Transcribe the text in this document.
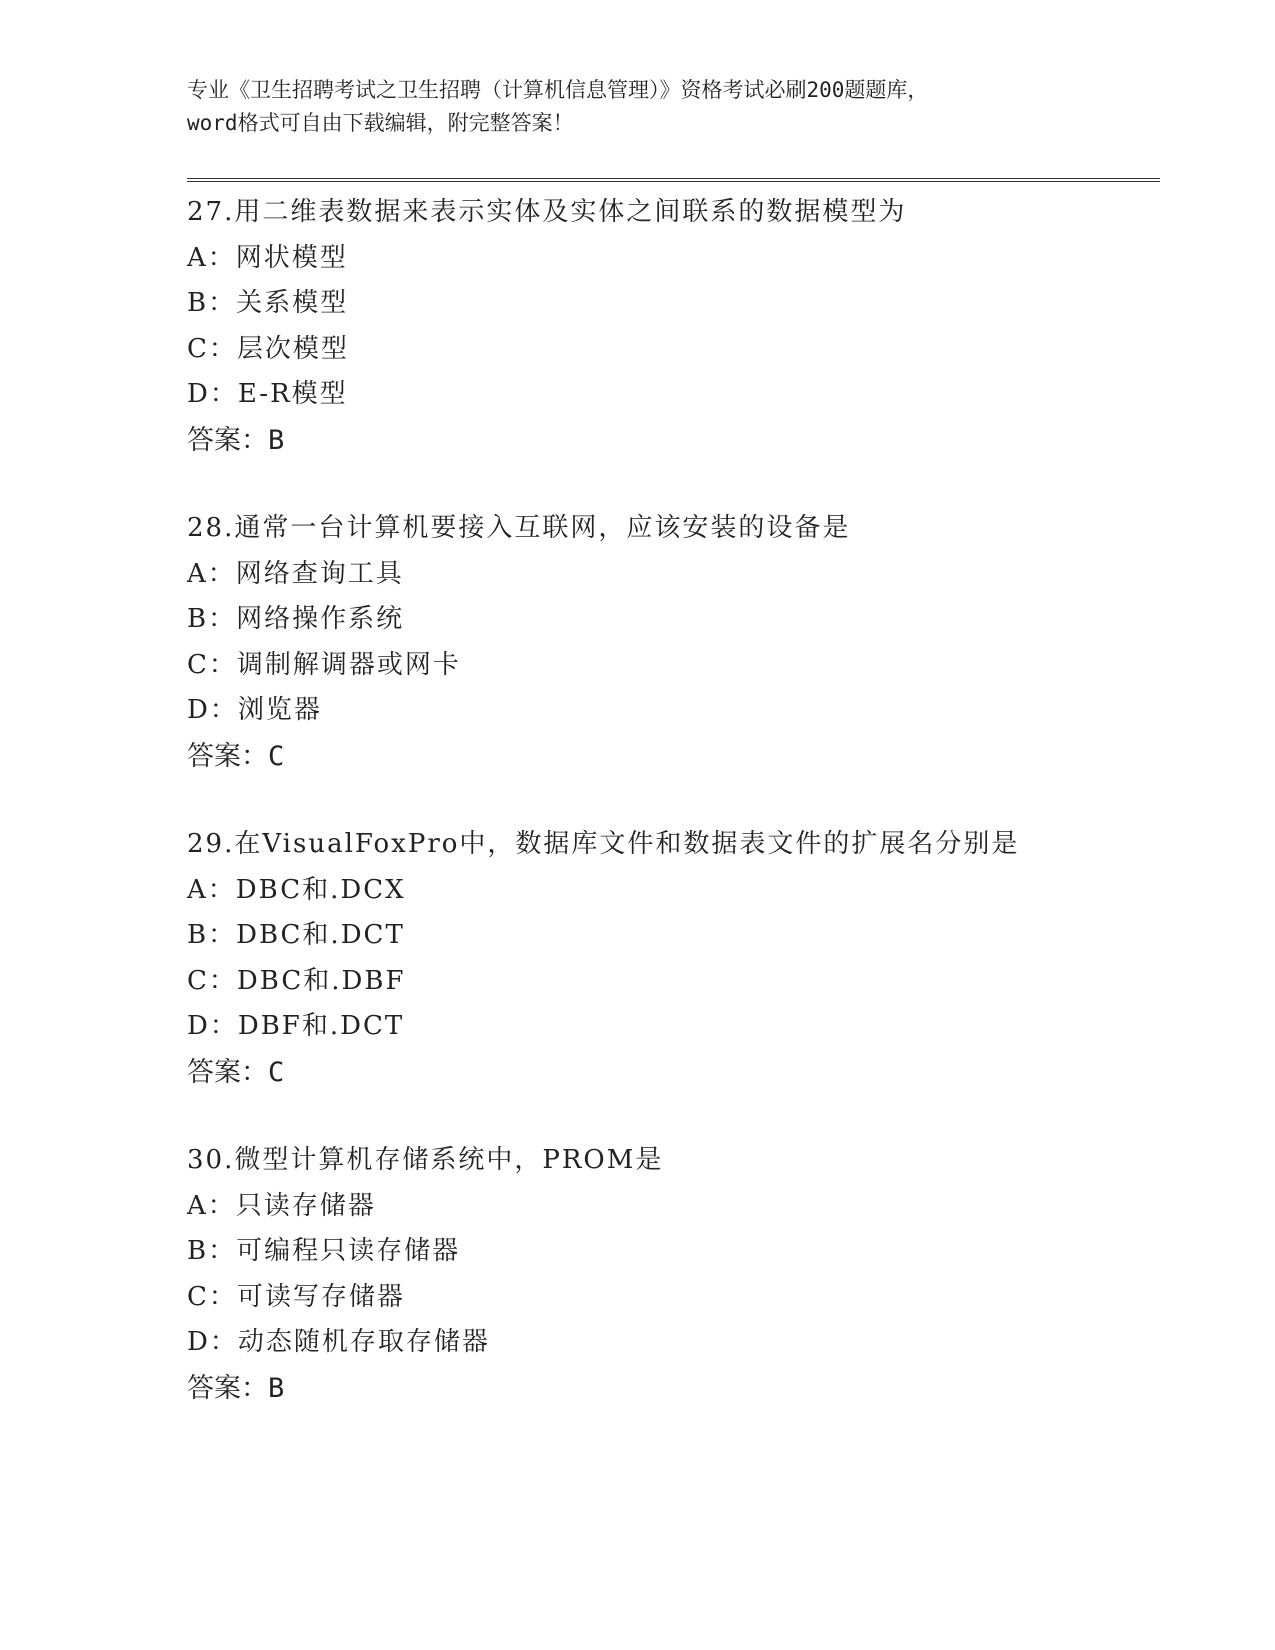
专业《卫生招聘考试之卫生招聘（计算机信息管理）》资格考试必刷200题题库，
word格式可自由下载编辑，附完整答案！
27.用二维表数据来表示实体及实体之间联系的数据模型为
A：网状模型
B：关系模型
C：层次模型
D：E-R模型
答案：B
28.通常一台计算机要接入互联网，应该安装的设备是
A：网络查询工具
B：网络操作系统
C：调制解调器或网卡
D：浏览器
答案：C
29.在VisualFoxPro中，数据库文件和数据表文件的扩展名分别是
A：DBC和.DCX
B：DBC和.DCT
C：DBC和.DBF
D：DBF和.DCT
答案：C
30.微型计算机存储系统中，PROM是
A：只读存储器
B：可编程只读存储器
C：可读写存储器
D：动态随机存取存储器
答案：B
